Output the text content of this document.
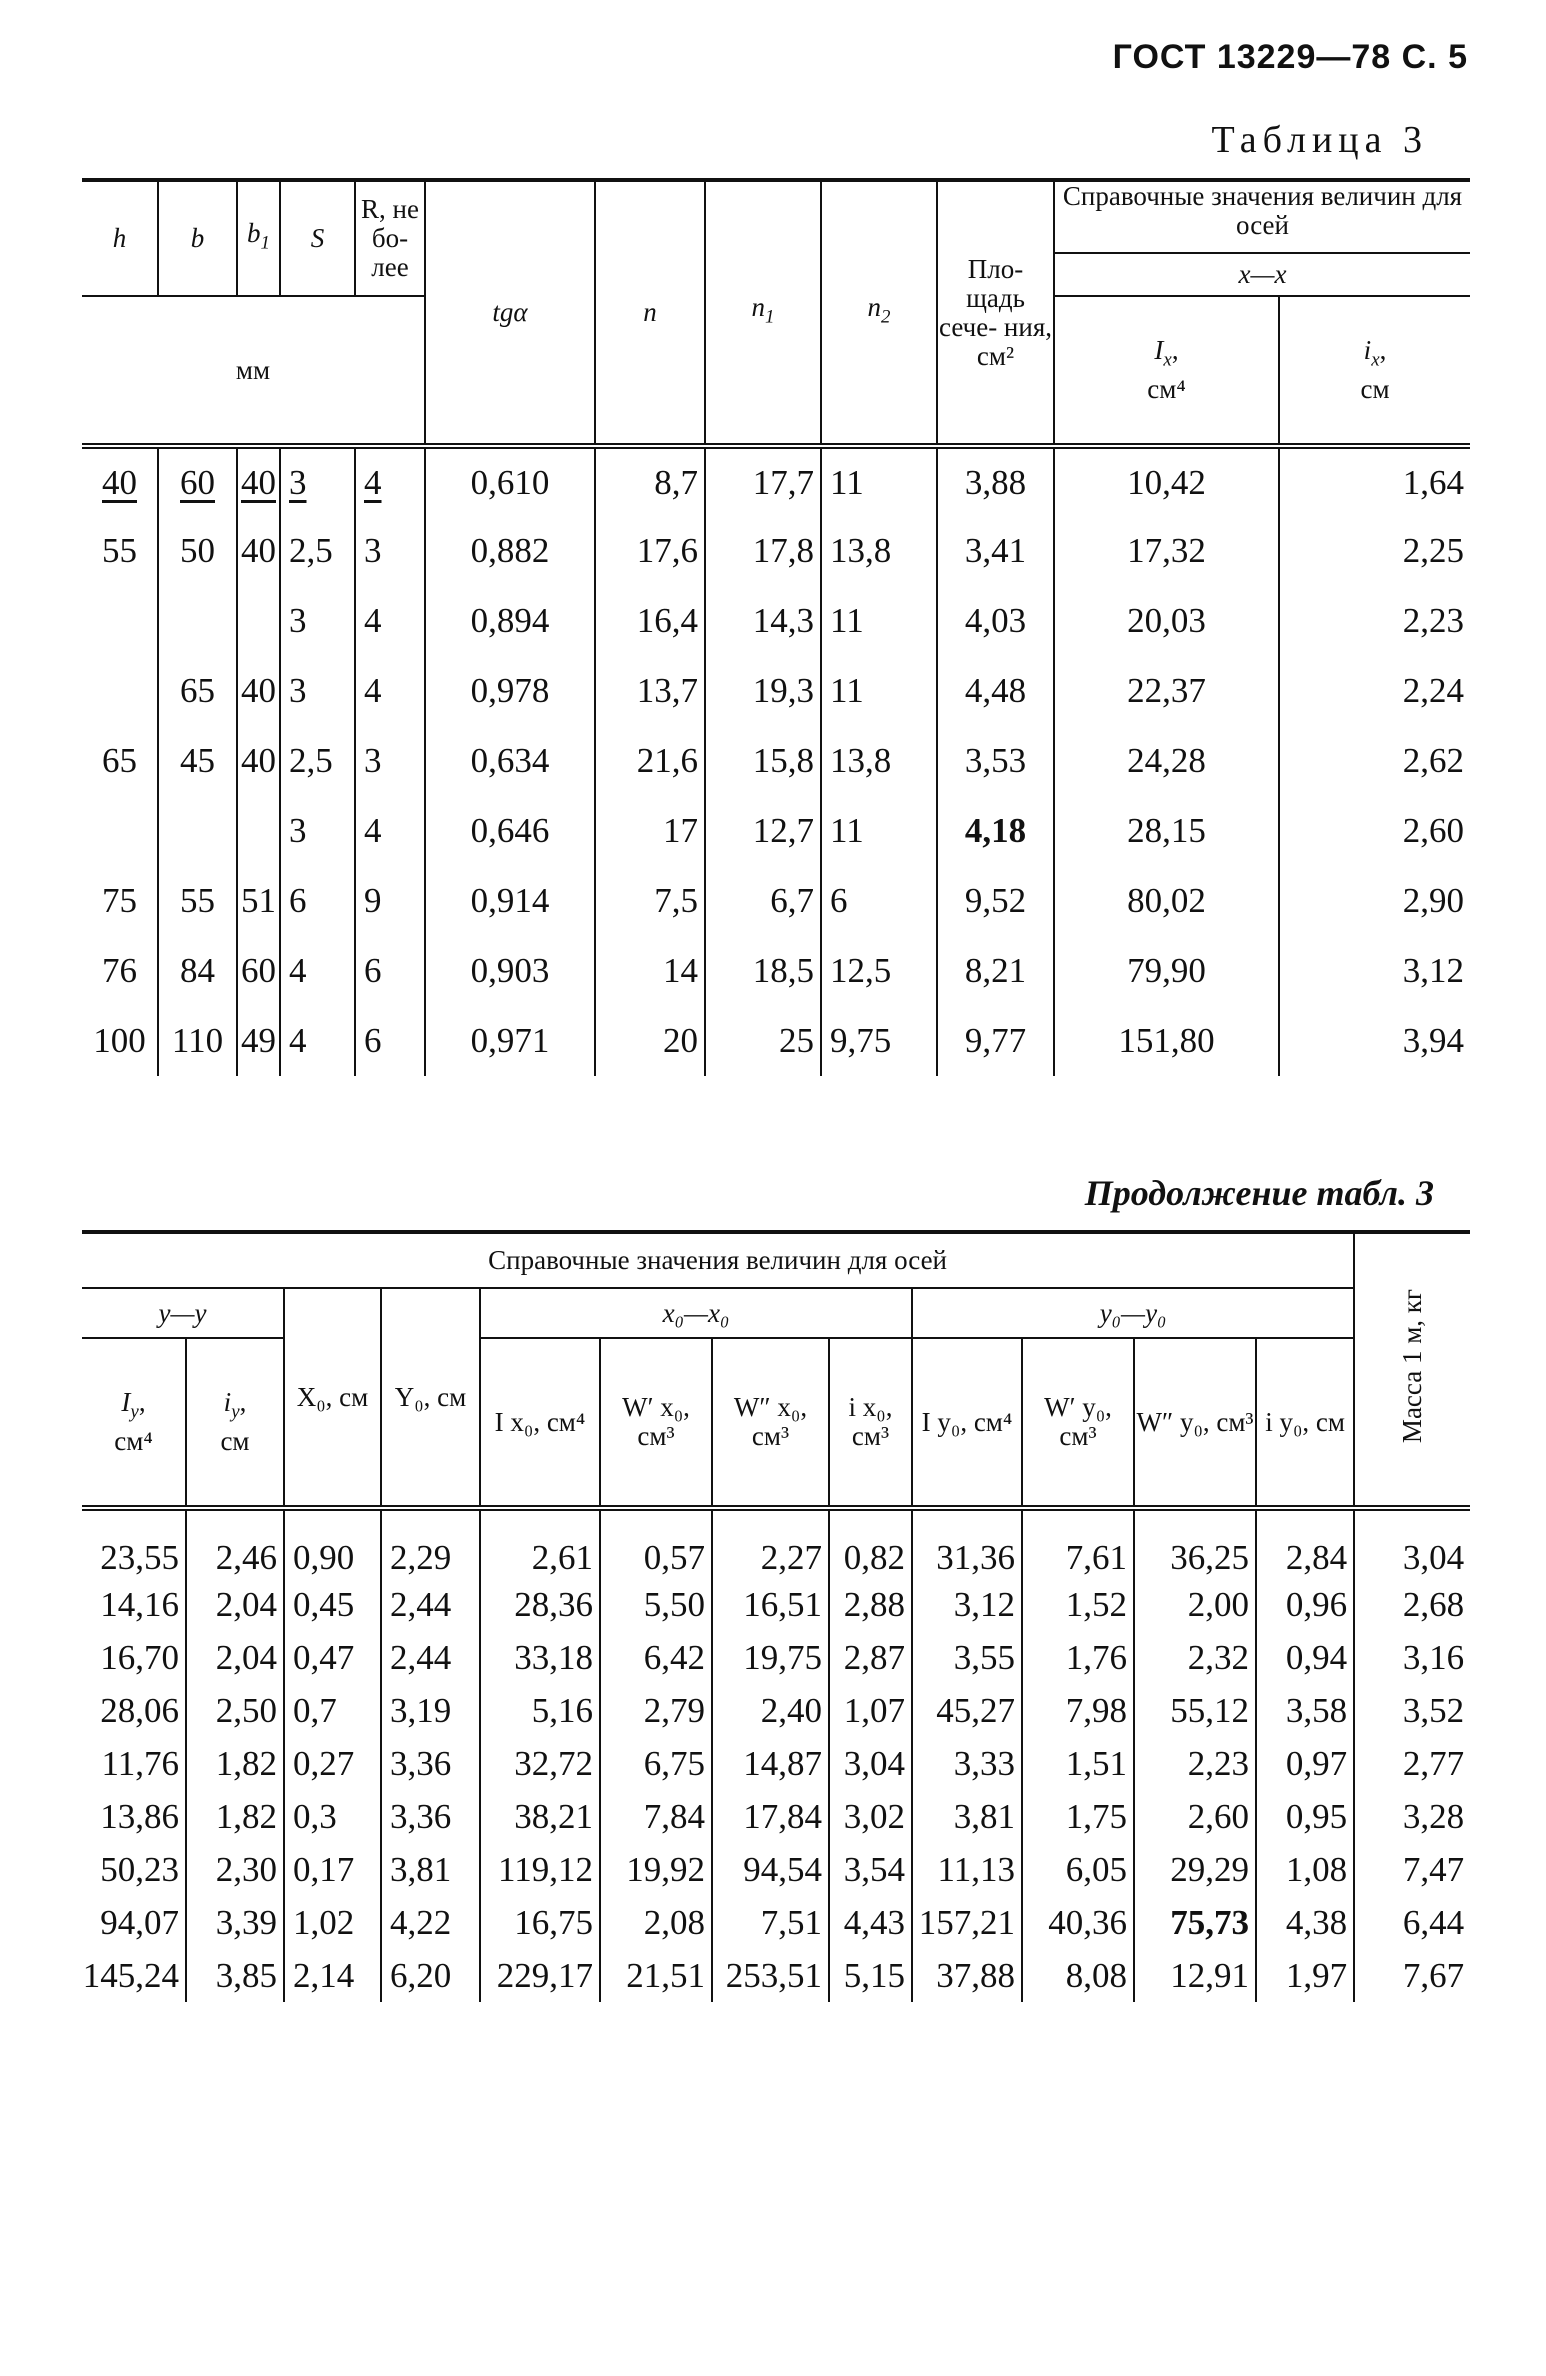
ГОСТ 13229—78 С. 5
Таблица 3
h	b	$b_1$	S	R, не бо- лее	tgα	n	$n_1$	$n_2$	Пло- щадь сече- ния, см²	Справочные значения величин для осей
x—x	

мм										$I_x$,
см⁴	$i_x$,
см
40	60	40	3	4	0,610	8,7	17,7	11	3,88	10,42	1,64
55	50	40	2,5	3	0,882	17,6	17,8	13,8	3,41	17,32	2,25
			3	4	0,894	16,4	14,3	11	4,03	20,03	2,23
	65	40	3	4	0,978	13,7	19,3	11	4,48	22,37	2,24
65	45	40	2,5	3	0,634	21,6	15,8	13,8	3,53	24,28	2,62
			3	4	0,646	17	12,7	11	4,18	28,15	2,60
75	55	51	6	9	0,914	7,5	6,7	6	9,52	80,02	2,90
76	84	60	4	6	0,903	14	18,5	12,5	8,21	79,90	3,12
100	110	49	4	6	0,971	20	25	9,75	9,77	151,80	3,94
Продолжение табл. 3
Справочные значения величин для осей												Масса 1 м, кг
y—y		X₀, см	Y₀, см	x₀—x₀				y₀—y₀				
$I_y$,
см⁴	$i_y$,
см			I x₀, см⁴	W′ x₀, см³	W″ x₀, см³	i x₀, см³	I y₀, см⁴	W′ y₀, см³	W″ y₀, см³	i y₀, см	
23,55	2,46	0,90	2,29	2,61	0,57	2,27	0,82	31,36	7,61	36,25	2,84	3,04
14,16	2,04	0,45	2,44	28,36	5,50	16,51	2,88	3,12	1,52	2,00	0,96	2,68
16,70	2,04	0,47	2,44	33,18	6,42	19,75	2,87	3,55	1,76	2,32	0,94	3,16
28,06	2,50	0,7	3,19	5,16	2,79	2,40	1,07	45,27	7,98	55,12	3,58	3,52
11,76	1,82	0,27	3,36	32,72	6,75	14,87	3,04	3,33	1,51	2,23	0,97	2,77
13,86	1,82	0,3	3,36	38,21	7,84	17,84	3,02	3,81	1,75	2,60	0,95	3,28
50,23	2,30	0,17	3,81	119,12	19,92	94,54	3,54	11,13	6,05	29,29	1,08	7,47
94,07	3,39	1,02	4,22	16,75	2,08	7,51	4,43	157,21	40,36	75,73	4,38	6,44
145,24	3,85	2,14	6,20	229,17	21,51	253,51	5,15	37,88	8,08	12,91	1,97	7,67
